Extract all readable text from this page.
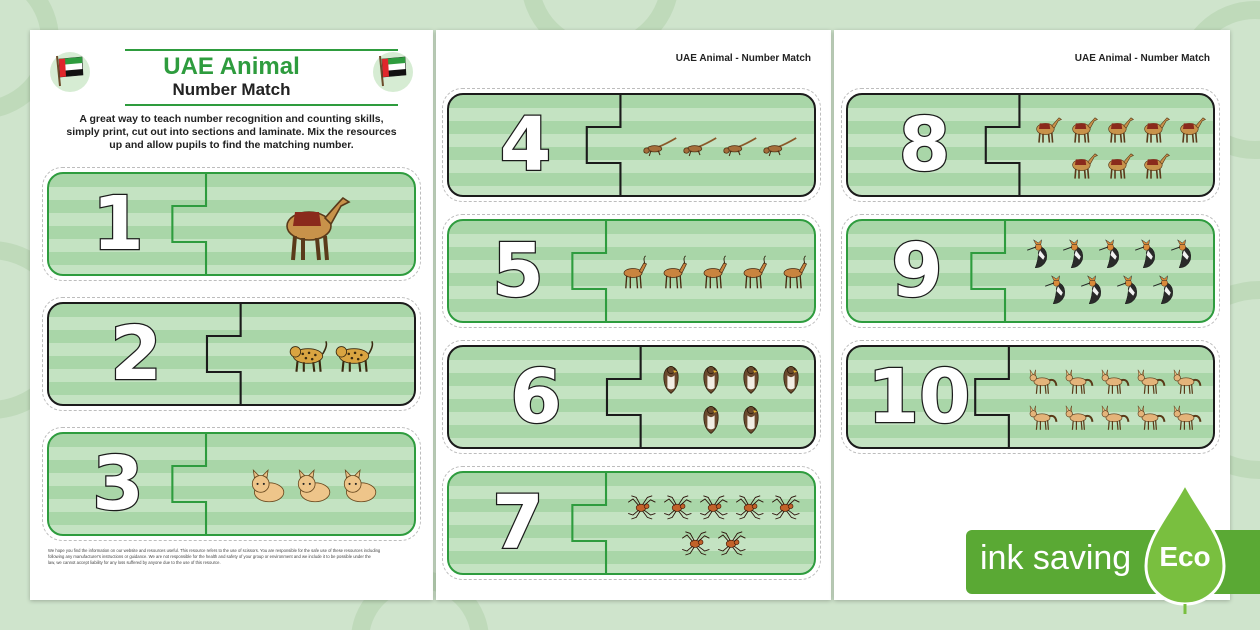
UAE Animal
Number Match
A great way to teach number recognition and counting skills,
simply print, cut out into sections and laminate. Mix the resources
up and allow pupils to find the matching number.
We hope you find the information on our website and resources useful. This resource refers to the use of scissors. You are responsible for the safe use of these resources including
following any manufacturer's instructions or guidance. We are not responsible for the health and safety of your group or environment and we include it to be possible under the
law, we cannot accept liability for any loss suffered by anyone due to the use of this resource.
UAE Animal - Number Match	UAE Animal - Number Match
1
2
3
4
5
6
7
8
9
10
ink saving	Eco
